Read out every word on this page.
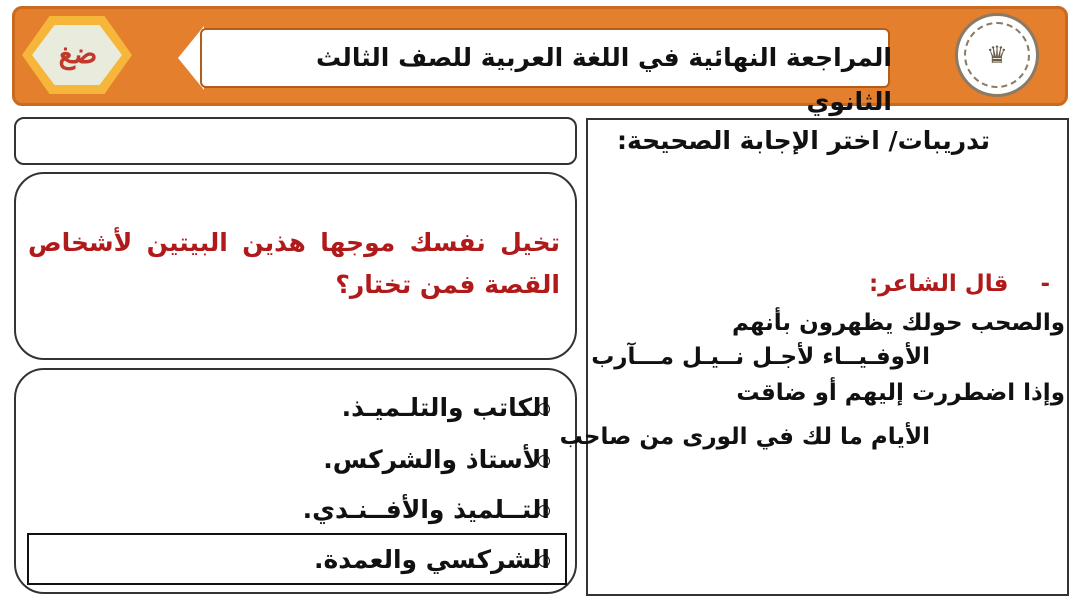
المراجعة النهائية في اللغة العربية للصف الثالث الثانوي
ضغ	♛
تدريبات/ اختر الإجابة الصحيحة:
تخيل نفسك موجها هذين البيتين لأشخاص القصة فمن تختار؟
الكاتب والتلـميـذ.
الأستاذ والشركس.
التــلميذ والأفــنـدي.
الشركسي والعمدة.
-    قال الشاعر:
والصحب حولك يظهرون بأنهم
الأوفـيــاء لأجـل نــيـل مـــآرب
وإذا اضطررت إليهم أو ضاقت
الأيام ما لك في الورى من صاحب
